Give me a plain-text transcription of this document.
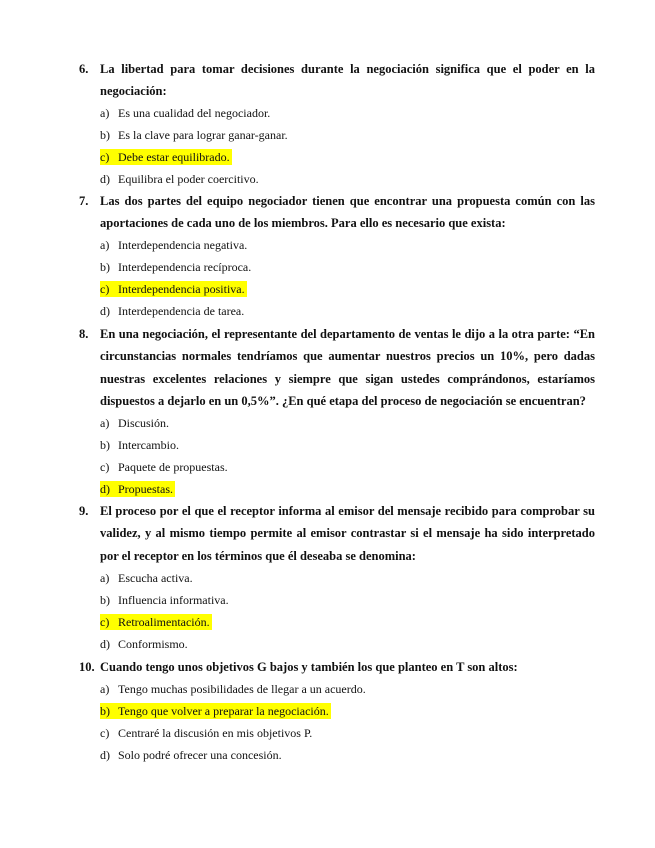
6. La libertad para tomar decisiones durante la negociación significa que el poder en la negociación:
a) Es una cualidad del negociador.
b) Es la clave para lograr ganar-ganar.
c) Debe estar equilibrado.
d) Equilibra el poder coercitivo.
7. Las dos partes del equipo negociador tienen que encontrar una propuesta común con las aportaciones de cada uno de los miembros. Para ello es necesario que exista:
a) Interdependencia negativa.
b) Interdependencia recíproca.
c) Interdependencia positiva.
d) Interdependencia de tarea.
8. En una negociación, el representante del departamento de ventas le dijo a la otra parte: “En circunstancias normales tendríamos que aumentar nuestros precios un 10%, pero dadas nuestras excelentes relaciones y siempre que sigan ustedes comprándonos, estaríamos dispuestos a dejarlo en un 0,5%”. ¿En qué etapa del proceso de negociación se encuentran?
a) Discusión.
b) Intercambio.
c) Paquete de propuestas.
d) Propuestas.
9. El proceso por el que el receptor informa al emisor del mensaje recibido para comprobar su validez, y al mismo tiempo permite al emisor contrastar si el mensaje ha sido interpretado por el receptor en los términos que él deseaba se denomina:
a) Escucha activa.
b) Influencia informativa.
c) Retroalimentación.
d) Conformismo.
10. Cuando tengo unos objetivos G bajos y también los que planteo en T son altos:
a) Tengo muchas posibilidades de llegar a un acuerdo.
b) Tengo que volver a preparar la negociación.
c) Centraré la discusión en mis objetivos P.
d) Solo podré ofrecer una concesión.
